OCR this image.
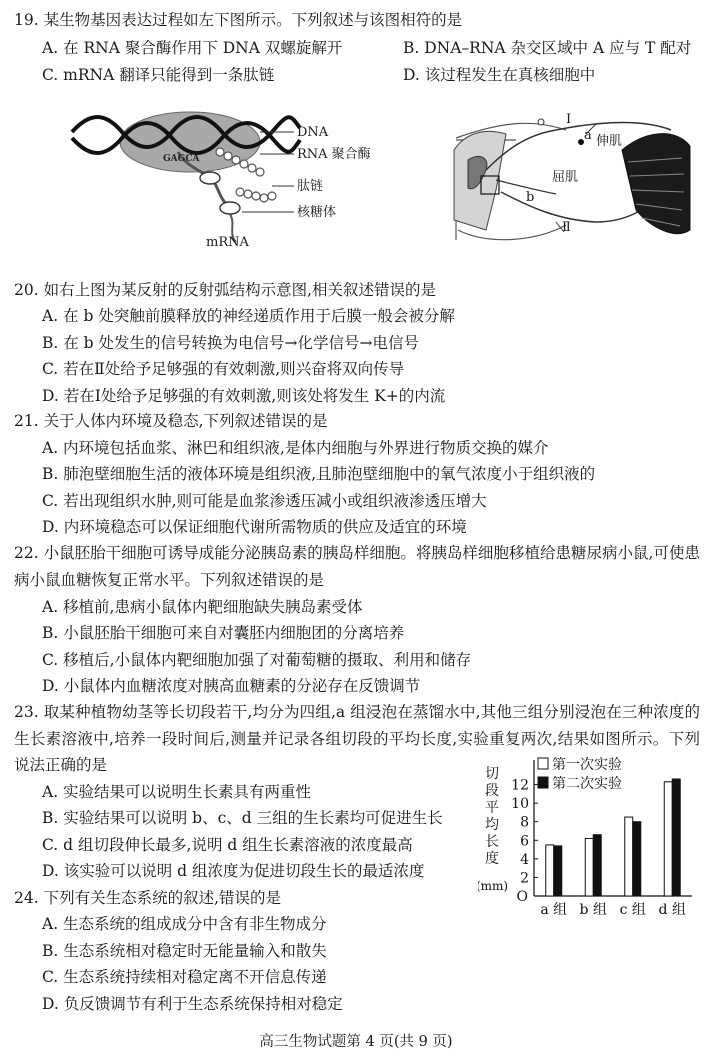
19. 某生物基因表达过程如左下图所示。下列叙述与该图相符的是
A. 在 RNA 聚合酶作用下 DNA 双螺旋解开	B. DNA–RNA 杂交区域中 A 应与 T 配对
C. mRNA 翻译只能得到一条肽链	D. 该过程发生在真核细胞中
GAGCA
DNA
RNA 聚合酶
肽链
核糖体
mRNA
Ⅰ
a 伸肌
屈肌
b
Ⅱ
20. 如右上图为某反射的反射弧结构示意图,相关叙述错误的是
A. 在 b 处突触前膜释放的神经递质作用于后膜一般会被分解
B. 在 b 处发生的信号转换为电信号→化学信号→电信号
C. 若在Ⅱ处给予足够强的有效刺激,则兴奋将双向传导
D. 若在Ⅰ处给予足够强的有效刺激,则该处将发生 K+的内流
21. 关于人体内环境及稳态,下列叙述错误的是
A. 内环境包括血浆、淋巴和组织液,是体内细胞与外界进行物质交换的媒介
B. 肺泡壁细胞生活的液体环境是组织液,且肺泡壁细胞中的氧气浓度小于组织液的
C. 若出现组织水肿,则可能是血浆渗透压减小或组织液渗透压增大
D. 内环境稳态可以保证细胞代谢所需物质的供应及适宜的环境
22. 小鼠胚胎干细胞可诱导成能分泌胰岛素的胰岛样细胞。将胰岛样细胞移植给患糖尿病小鼠,可使患病小鼠血糖恢复正常水平。下列叙述错误的是
A. 移植前,患病小鼠体内靶细胞缺失胰岛素受体
B. 小鼠胚胎干细胞可来自对囊胚内细胞团的分离培养
C. 移植后,小鼠体内靶细胞加强了对葡萄糖的摄取、利用和储存
D. 小鼠体内血糖浓度对胰高血糖素的分泌存在反馈调节
23. 取某种植物幼茎等长切段若干,均分为四组,a 组浸泡在蒸馏水中,其他三组分别浸泡在三种浓度的生长素溶液中,培养一段时间后,测量并记录各组切段的平均长度,实验重复两次,结果如图所示。下列说法正确的是
A. 实验结果可以说明生长素具有两重性
B. 实验结果可以说明 b、c、d 三组的生长素均可促进生长
C. d 组切段伸长最多,说明 d 组生长素溶液的浓度最高
D. 该实验可以说明 d 组浓度为促进切段生长的最适浓度
O
2
4
6
8
10
12
切
段
平
均
长
度
(mm)
a 组 b 组 c 组 d 组
第一次实验
第二次实验
24. 下列有关生态系统的叙述,错误的是
A. 生态系统的组成成分中含有非生物成分
B. 生态系统相对稳定时无能量输入和散失
C. 生态系统持续相对稳定离不开信息传递
D. 负反馈调节有利于生态系统保持相对稳定
高三生物试题第 4 页(共 9 页)
